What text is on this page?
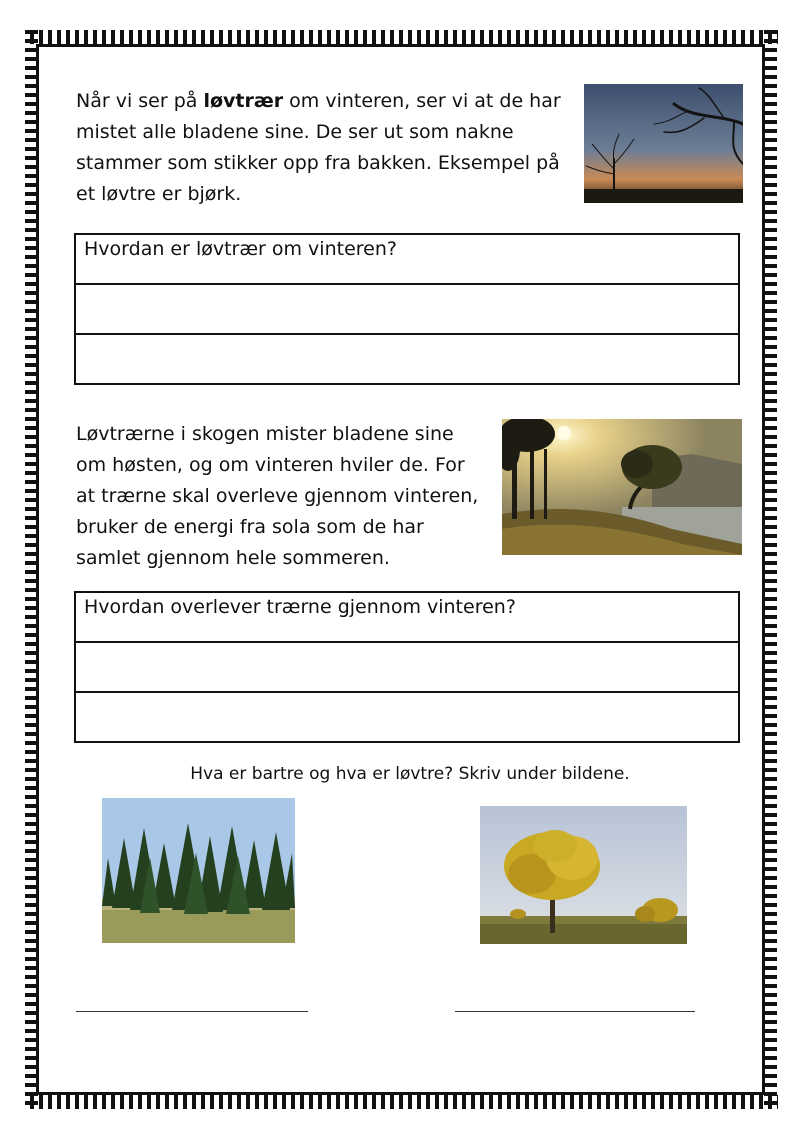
Når vi ser på løvtrær om vinteren, ser vi at de har mistet alle bladene sine. De ser ut som nakne stammer som stikker opp fra bakken. Eksempel på et løvtre er bjørk.

Hvordan er løvtrær om vinteren?

Løvtrærne i skogen mister bladene sine om høsten, og om vinteren hviler de. For at trærne skal overleve gjennom vinteren, bruker de energi fra sola som de har samlet gjennom hele sommeren.

Hvordan overlever trærne gjennom vinteren?
Hva er bartre og hva er løvtre? Skriv under bildene.
